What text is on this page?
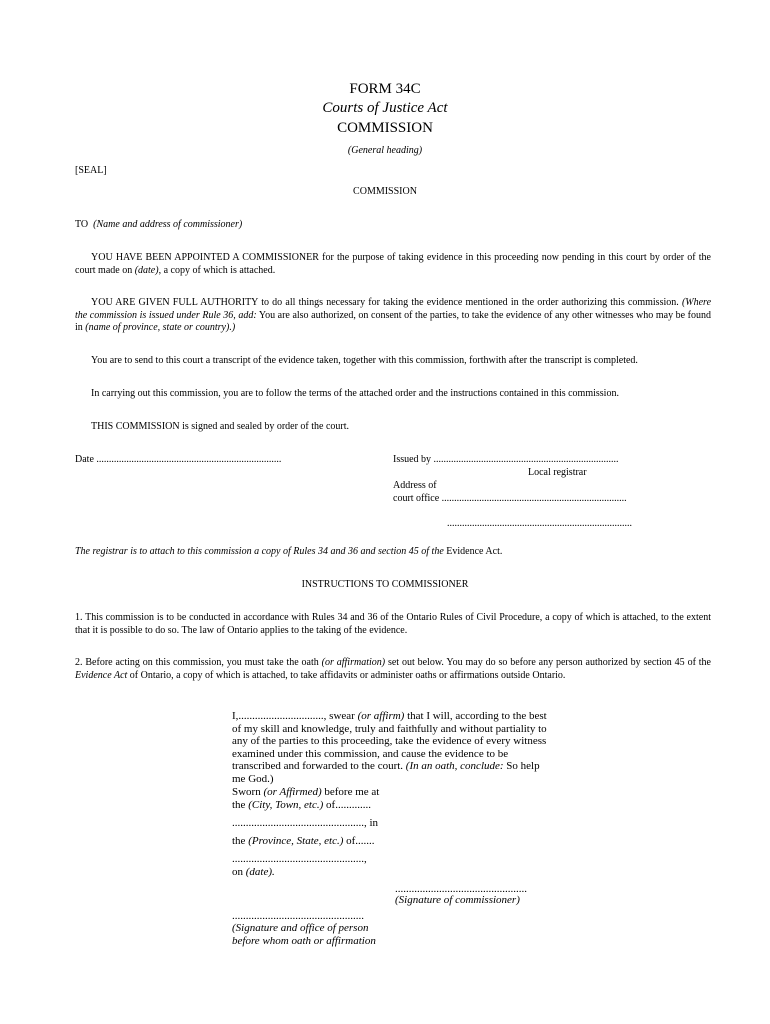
FORM 34C
Courts of Justice Act
COMMISSION
(General heading)
[SEAL]
COMMISSION
TO (Name and address of commissioner)
YOU HAVE BEEN APPOINTED A COMMISSIONER for the purpose of taking evidence in this proceeding now pending in this court by order of the court made on (date), a copy of which is attached.
YOU ARE GIVEN FULL AUTHORITY to do all things necessary for taking the evidence mentioned in the order authorizing this commission. (Where the commission is issued under Rule 36, add: You are also authorized, on consent of the parties, to take the evidence of any other witnesses who may be found in (name of province, state or country).)
You are to send to this court a transcript of the evidence taken, together with this commission, forthwith after the transcript is completed.
In carrying out this commission, you are to follow the terms of the attached order and the instructions contained in this commission.
THIS COMMISSION is signed and sealed by order of the court.
Date ..........................................................................	Issued by ..........................................................................
Local registrar
Address of
court office ..........................................................................
..........................................................................
The registrar is to attach to this commission a copy of Rules 34 and 36 and section 45 of the Evidence Act.
INSTRUCTIONS TO COMMISSIONER
1. This commission is to be conducted in accordance with Rules 34 and 36 of the Ontario Rules of Civil Procedure, a copy of which is attached, to the extent that it is possible to do so. The law of Ontario applies to the taking of the evidence.
2. Before acting on this commission, you must take the oath (or affirmation) set out below. You may do so before any person authorized by section 45 of the Evidence Act of Ontario, a copy of which is attached, to take affidavits or administer oaths or affirmations outside Ontario.
I,..............................., swear (or affirm) that I will, according to the best of my skill and knowledge, truly and faithfully and without partiality to any of the parties to this proceeding, take the evidence of every witness examined under this commission, and cause the evidence to be transcribed and forwarded to the court. (In an oath, conclude: So help me God.)
Sworn (or Affirmed) before me at
the (City, Town, etc.) of.............
................................................, in
the (Province, State, etc.) of.......
................................................,
on (date).
................................................
(Signature of commissioner)
................................................
(Signature and office of person
before whom oath or affirmation
